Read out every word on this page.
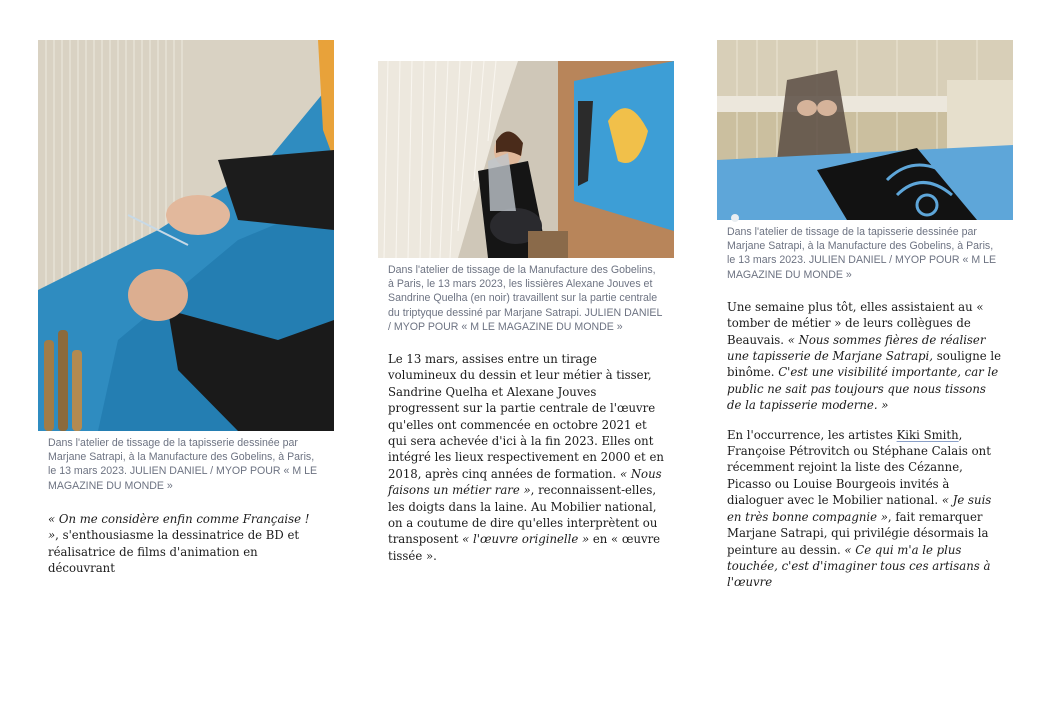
Dans l'atelier de tissage de la tapisserie dessinée par Marjane Satrapi, à la Manufacture des Gobelins, à Paris, le 13 mars 2023. JULIEN DANIEL / MYOP POUR « M LE MAGAZINE DU MONDE »

« On me considère enfin comme Française ! », s'enthousiasme la dessinatrice de BD et réalisatrice de films d'animation en découvrant

Dans l'atelier de tissage de la Manufacture des Gobelins, à Paris, le 13 mars 2023, les lissières Alexane Jouves et Sandrine Quelha (en noir) travaillent sur la partie centrale du triptyque dessiné par Marjane Satrapi. JULIEN DANIEL / MYOP POUR « M LE MAGAZINE DU MONDE »

Le 13 mars, assises entre un tirage volumineux du dessin et leur métier à tisser, Sandrine Quelha et Alexane Jouves progressent sur la partie centrale de l'œuvre qu'elles ont commencée en octobre 2021 et qui sera achevée d'ici à la fin 2023. Elles ont intégré les lieux respectivement en 2000 et en 2018, après cinq années de formation. « Nous faisons un métier rare », reconnaissent-elles, les doigts dans la laine. Au Mobilier national, on a coutume de dire qu'elles interprètent ou transposent « l'œuvre originelle » en « œuvre tissée ».

Dans l'atelier de tissage de la tapisserie dessinée par Marjane Satrapi, à la Manufacture des Gobelins, à Paris, le 13 mars 2023. JULIEN DANIEL / MYOP POUR « M LE MAGAZINE DU MONDE »

Une semaine plus tôt, elles assistaient au « tomber de métier » de leurs collègues de Beauvais. « Nous sommes fières de réaliser une tapisserie de Marjane Satrapi, souligne le binôme. C'est une visibilité importante, car le public ne sait pas toujours que nous tissons de la tapisserie moderne. »

En l'occurrence, les artistes Kiki Smith, Françoise Pétrovitch ou Stéphane Calais ont récemment rejoint la liste des Cézanne, Picasso ou Louise Bourgeois invités à dialoguer avec le Mobilier national. « Je suis en très bonne compagnie », fait remarquer Marjane Satrapi, qui privilégie désormais la peinture au dessin. « Ce qui m'a le plus touchée, c'est d'imaginer tous ces artisans à l'œuvre
